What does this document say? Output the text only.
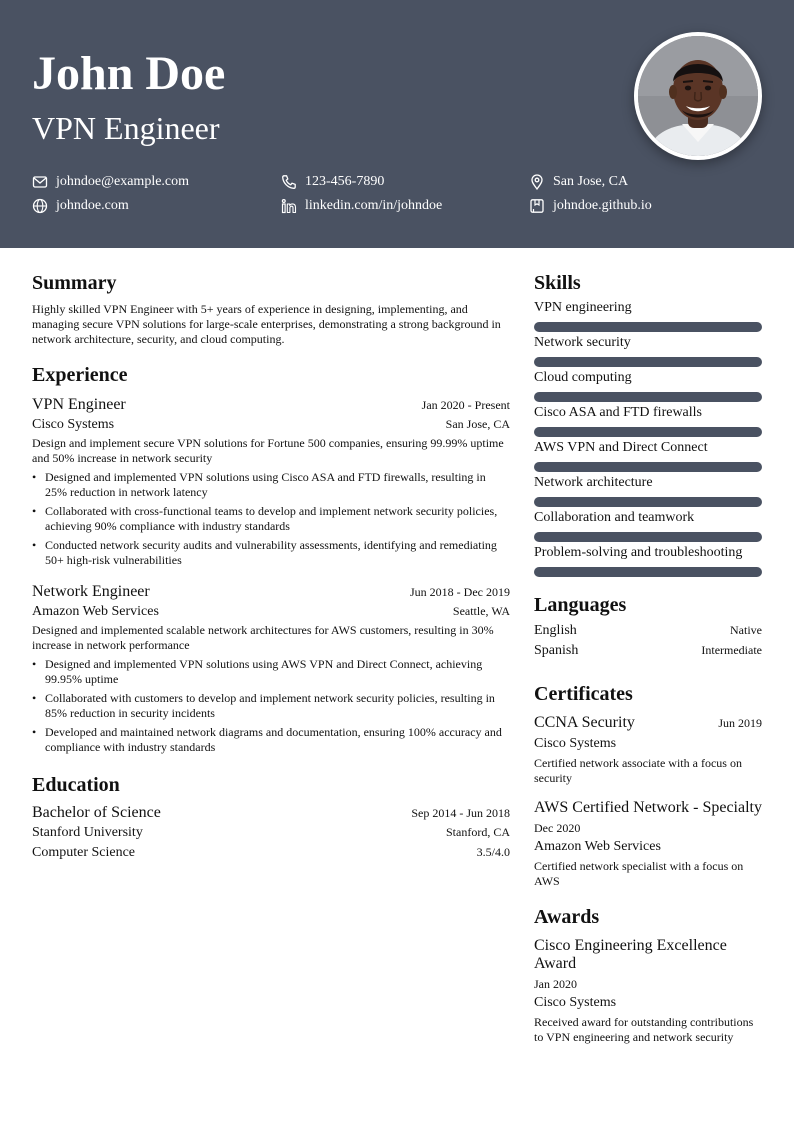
John Doe
VPN Engineer
johndoe@example.com	123-456-7890	San Jose, CA
johndoe.com	linkedin.com/in/johndoe	johndoe.github.io
Summary
Highly skilled VPN Engineer with 5+ years of experience in designing, implementing, and managing secure VPN solutions for large-scale enterprises, demonstrating a strong background in network architecture, security, and cloud computing.
Experience
VPN Engineer	Jan 2020 - Present
Cisco Systems	San Jose, CA
Design and implement secure VPN solutions for Fortune 500 companies, ensuring 99.99% uptime and 50% increase in network security
• Designed and implemented VPN solutions using Cisco ASA and FTD firewalls, resulting in 25% reduction in network latency
• Collaborated with cross-functional teams to develop and implement network security policies, achieving 90% compliance with industry standards
• Conducted network security audits and vulnerability assessments, identifying and remediating 50+ high-risk vulnerabilities
Network Engineer	Jun 2018 - Dec 2019
Amazon Web Services	Seattle, WA
Designed and implemented scalable network architectures for AWS customers, resulting in 30% increase in network performance
• Designed and implemented VPN solutions using AWS VPN and Direct Connect, achieving 99.95% uptime
• Collaborated with customers to develop and implement network security policies, resulting in 85% reduction in security incidents
• Developed and maintained network diagrams and documentation, ensuring 100% accuracy and compliance with industry standards
Education
Bachelor of Science	Sep 2014 - Jun 2018
Stanford University	Stanford, CA
Computer Science	3.5/4.0
Skills
VPN engineering
Network security
Cloud computing
Cisco ASA and FTD firewalls
AWS VPN and Direct Connect
Network architecture
Collaboration and teamwork
Problem-solving and troubleshooting
Languages
English	Native
Spanish	Intermediate
Certificates
CCNA Security	Jun 2019
Cisco Systems
Certified network associate with a focus on security
AWS Certified Network - Specialty
Dec 2020
Amazon Web Services
Certified network specialist with a focus on AWS
Awards
Cisco Engineering Excellence Award
Jan 2020
Cisco Systems
Received award for outstanding contributions to VPN engineering and network security
